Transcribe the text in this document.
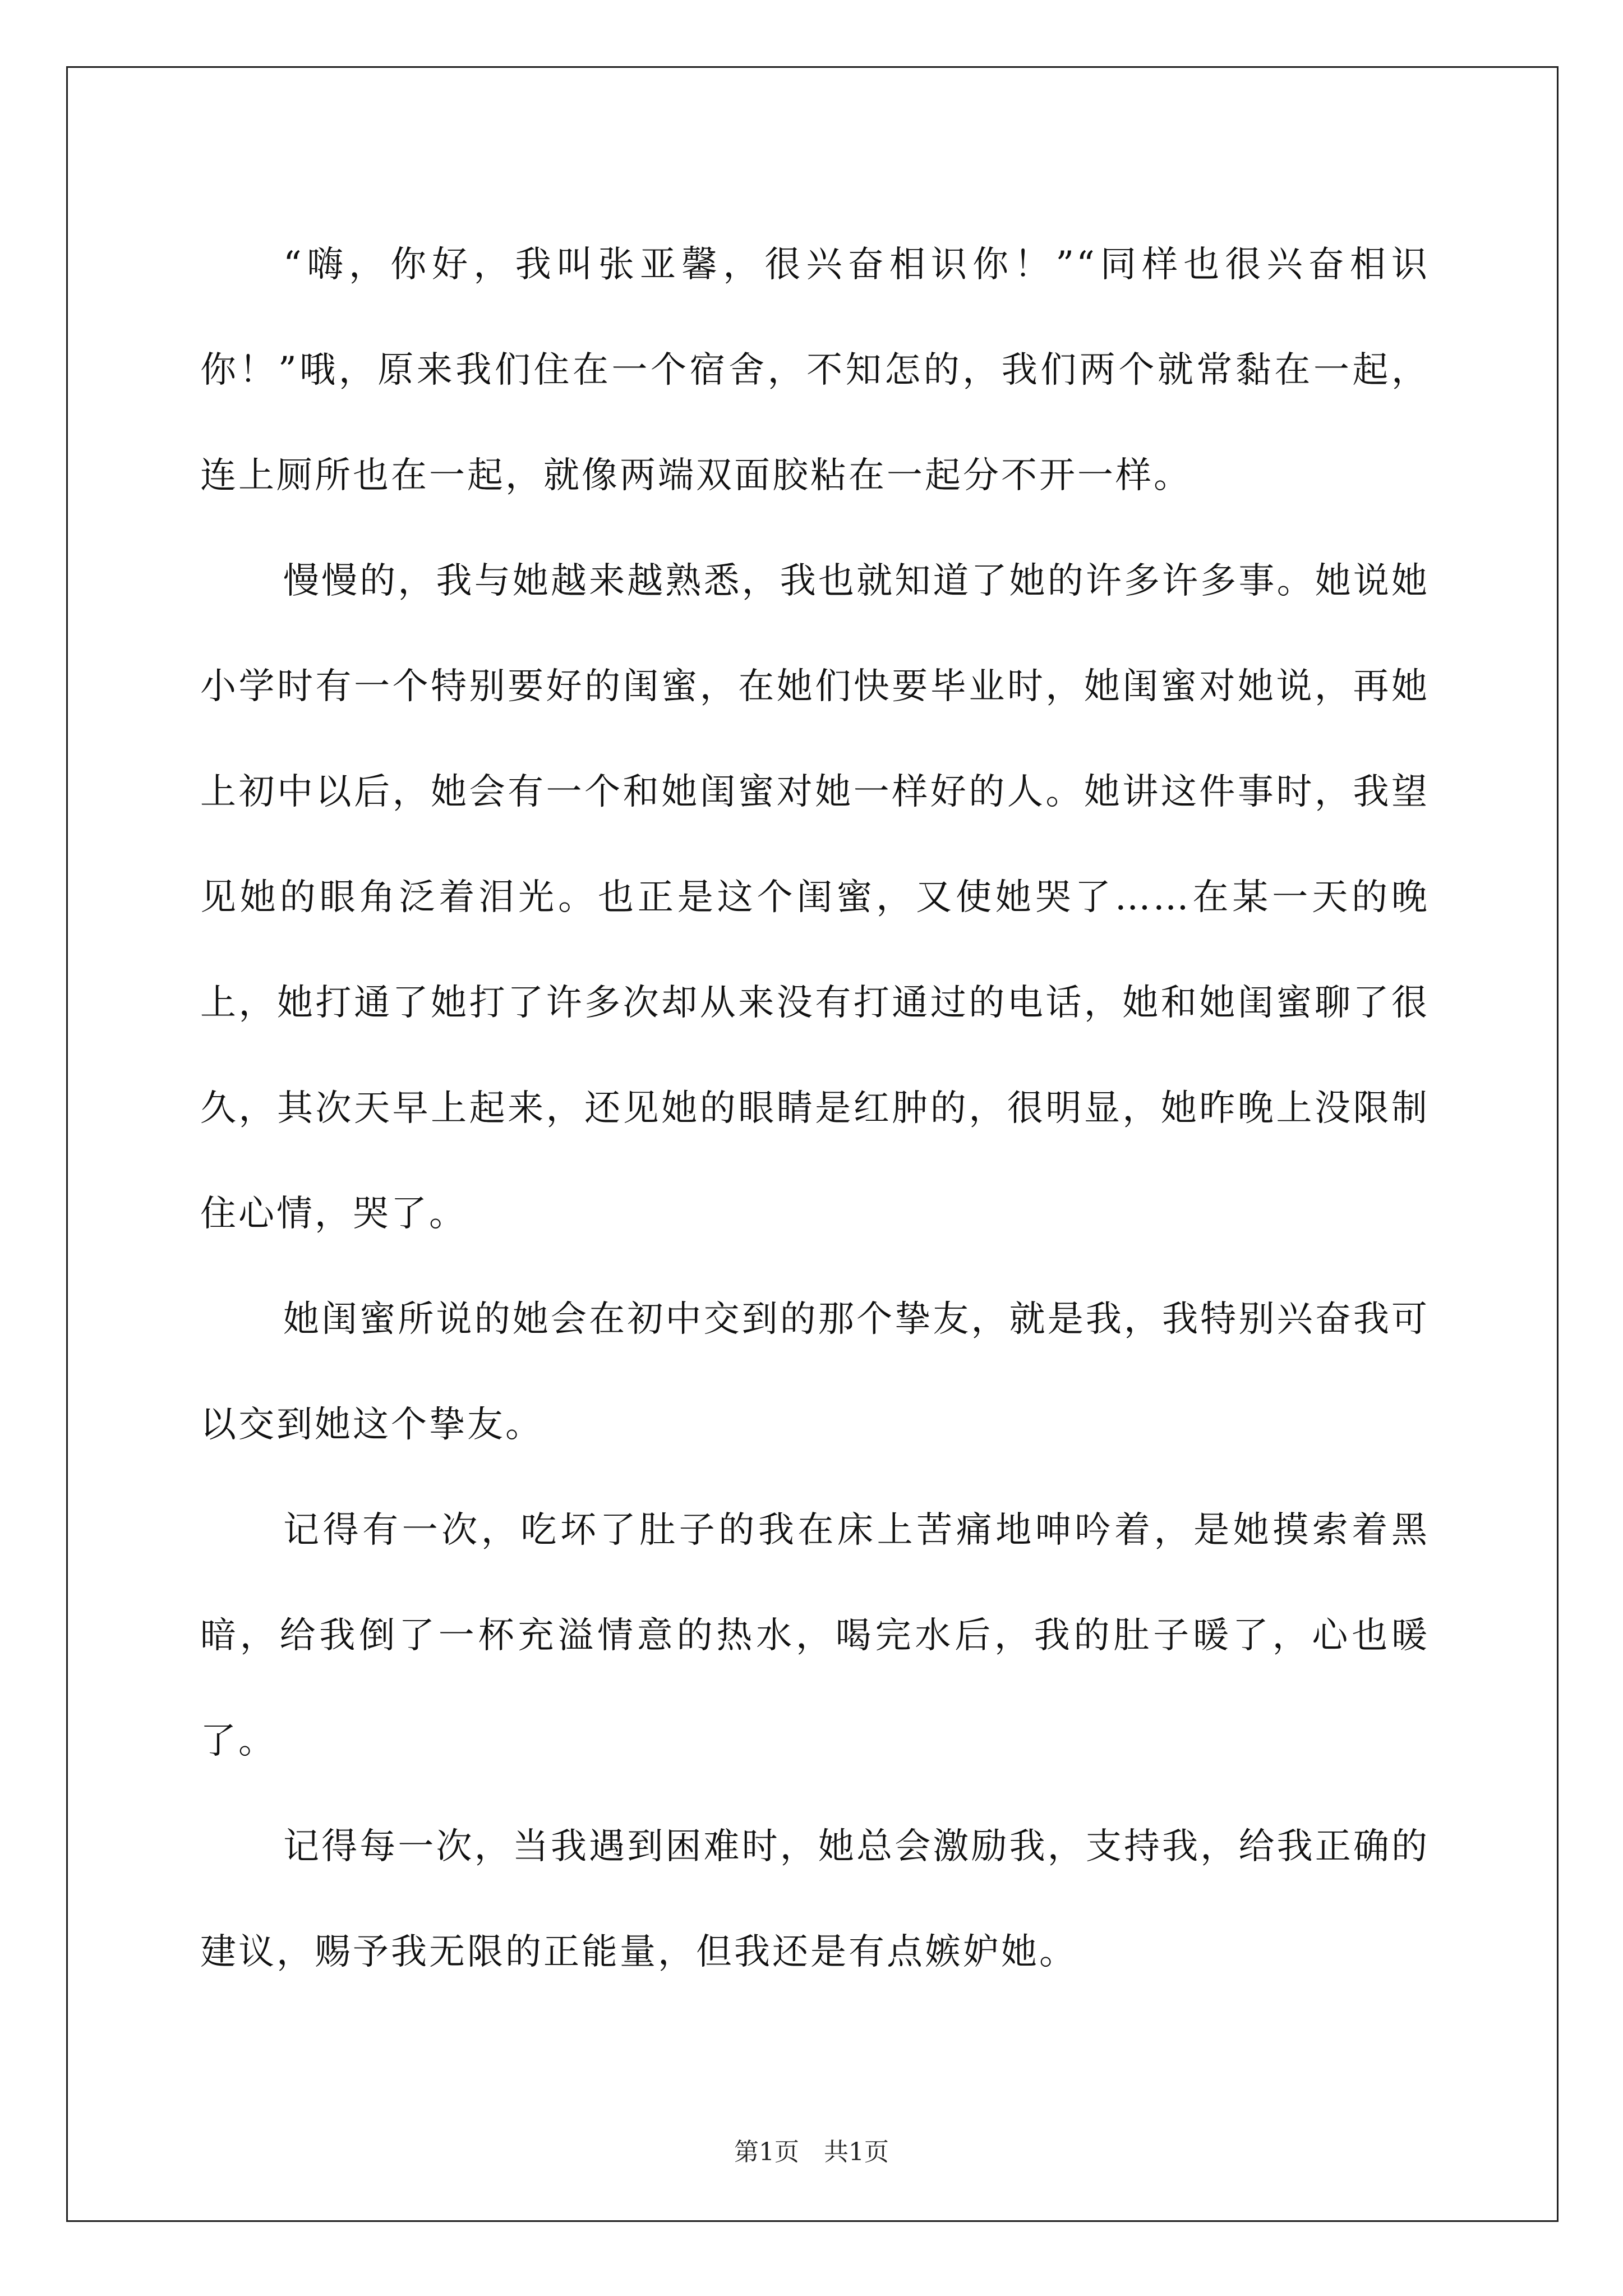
“嗨，你好，我叫张亚馨，很兴奋相识你！”“同样也很兴奋相识你！”哦，原来我们住在一个宿舍，不知怎的，我们两个就常黏在一起，连上厕所也在一起，就像两端双面胶粘在一起分不开一样。

慢慢的，我与她越来越熟悉，我也就知道了她的许多许多事。她说她小学时有一个特别要好的闺蜜，在她们快要毕业时，她闺蜜对她说，再她上初中以后，她会有一个和她闺蜜对她一样好的人。她讲这件事时，我望见她的眼角泛着泪光。也正是这个闺蜜，又使她哭了……在某一天的晚上，她打通了她打了许多次却从来没有打通过的电话，她和她闺蜜聊了很久，其次天早上起来，还见她的眼睛是红肿的，很明显，她昨晚上没限制住心情，哭了。

她闺蜜所说的她会在初中交到的那个挚友，就是我，我特别兴奋我可以交到她这个挚友。

记得有一次，吃坏了肚子的我在床上苦痛地呻吟着，是她摸索着黑暗，给我倒了一杯充溢情意的热水，喝完水后，我的肚子暖了，心也暖了。

记得每一次，当我遇到困难时，她总会激励我，支持我，给我正确的建议，赐予我无限的正能量，但我还是有点嫉妒她。

第1页　共1页
